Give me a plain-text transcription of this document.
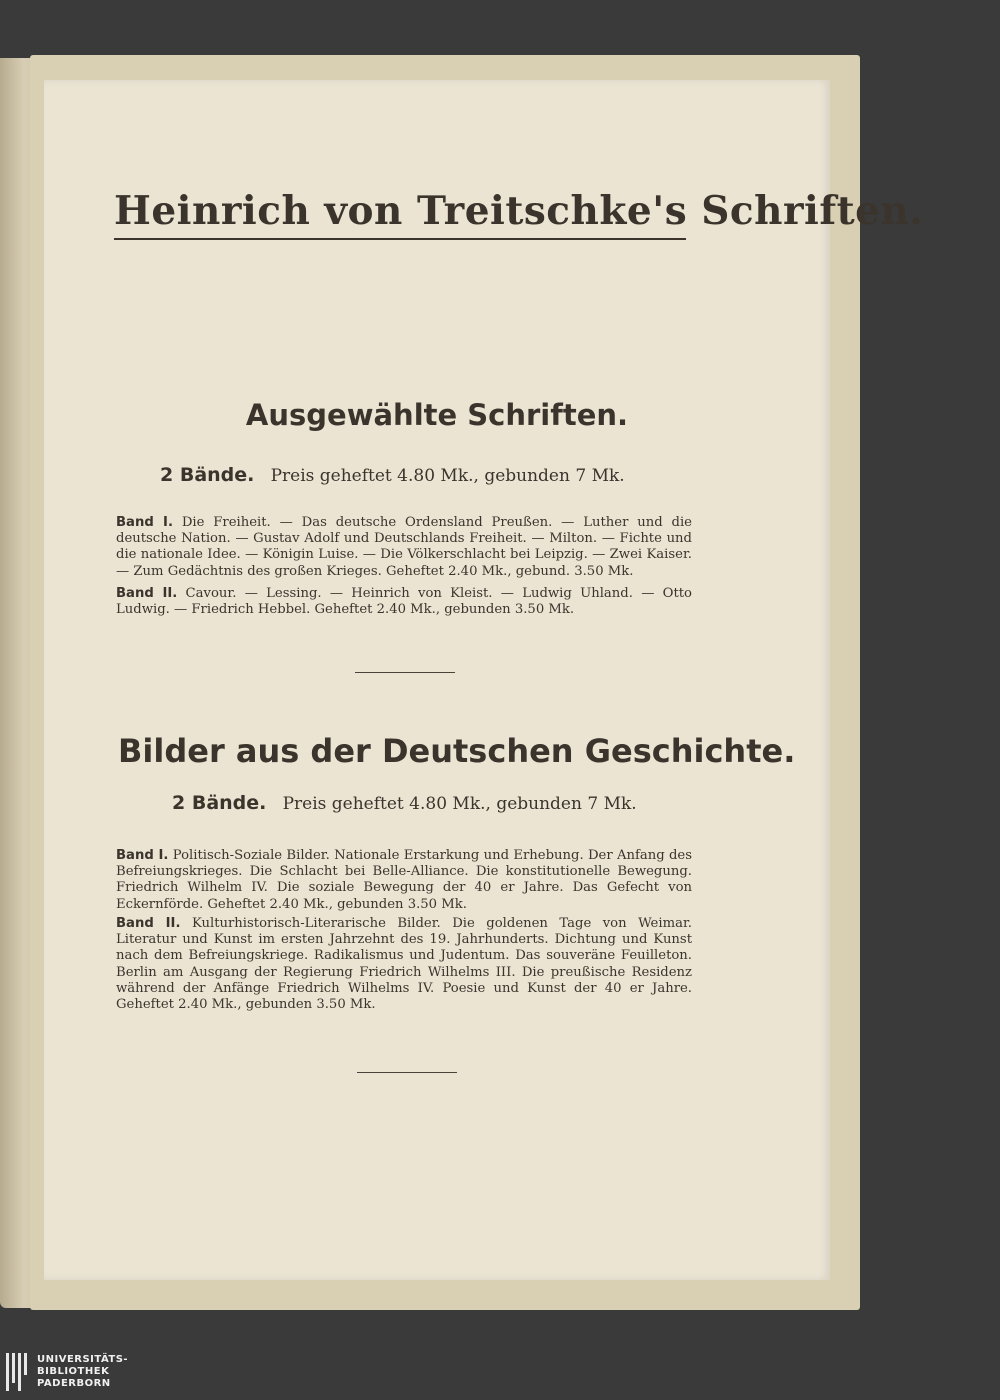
Heinrich von Treitschke's Schriften.
Ausgewählte Schriften.
2 Bände. Preis geheftet 4.80 Mk., gebunden 7 Mk.
Band I. Die Freiheit. — Das deutsche Ordensland Preußen. — Luther und die deutsche Nation. — Gustav Adolf und Deutschlands Freiheit. — Milton. — Fichte und die nationale Idee. — Königin Luise. — Die Völkerschlacht bei Leipzig. — Zwei Kaiser. — Zum Gedächtnis des großen Krieges. Geheftet 2.40 Mk., gebund. 3.50 Mk.
Band II. Cavour. — Lessing. — Heinrich von Kleist. — Ludwig Uhland. — Otto Ludwig. — Friedrich Hebbel. Geheftet 2.40 Mk., gebunden 3.50 Mk.
Bilder aus der Deutschen Geschichte.
2 Bände. Preis geheftet 4.80 Mk., gebunden 7 Mk.
Band I. Politisch-Soziale Bilder. Nationale Erstarkung und Erhebung. Der Anfang des Befreiungskrieges. Die Schlacht bei Belle-Alliance. Die konstitutionelle Bewegung. Friedrich Wilhelm IV. Die soziale Bewegung der 40 er Jahre. Das Gefecht von Eckernförde. Geheftet 2.40 Mk., gebunden 3.50 Mk.
Band II. Kulturhistorisch-Literarische Bilder. Die goldenen Tage von Weimar. Literatur und Kunst im ersten Jahrzehnt des 19. Jahrhunderts. Dichtung und Kunst nach dem Befreiungskriege. Radikalismus und Judentum. Das souveräne Feuilleton. Berlin am Ausgang der Regierung Friedrich Wilhelms III. Die preußische Residenz während der Anfänge Friedrich Wilhelms IV. Poesie und Kunst der 40 er Jahre. Geheftet 2.40 Mk., gebunden 3.50 Mk.
UNIVERSITÄTS-
BIBLIOTHEK
PADERBORN
